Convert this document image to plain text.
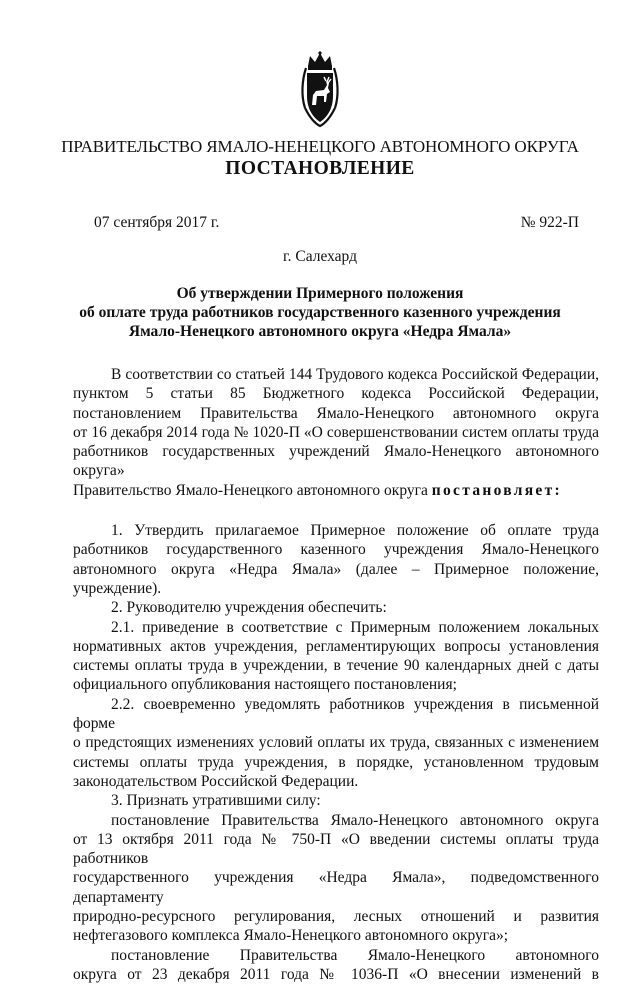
ПРАВИТЕЛЬСТВО ЯМАЛО-НЕНЕЦКОГО АВТОНОМНОГО ОКРУГА
ПОСТАНОВЛЕНИЕ
07 сентября 2017 г.	№ 922-П
г. Салехард
Об утверждении Примерного положения
об оплате труда работников государственного казенного учреждения
Ямало-Ненецкого автономного округа «Недра Ямала»

В соответствии со статьей 144 Трудового кодекса Российской Федерации,

пунктом 5 статьи 85 Бюджетного кодекса Российской Федерации,

постановлением Правительства Ямало-Ненецкого автономного округа

от 16 декабря 2014 года № 1020-П «О совершенствовании систем оплаты труда

работников государственных учреждений Ямало-Ненецкого автономного округа»

Правительство Ямало-Ненецкого автономного округа постановляет:

1. Утвердить прилагаемое Примерное положение об оплате труда

работников государственного казенного учреждения Ямало-Ненецкого

автономного округа «Недра Ямала» (далее – Примерное положение, учреждение).

2. Руководителю учреждения обеспечить:

2.1. приведение в соответствие с Примерным положением локальных

нормативных актов учреждения, регламентирующих вопросы установления

системы оплаты труда в учреждении, в течение 90 календарных дней с даты

официального опубликования настоящего постановления;

2.2. своевременно уведомлять работников учреждения в письменной форме

о предстоящих изменениях условий оплаты их труда, связанных с изменением

системы оплаты труда учреждения, в порядке, установленном трудовым

законодательством Российской Федерации.

3. Признать утратившими силу:

постановление Правительства Ямало-Ненецкого автономного округа

от 13 октября 2011 года № 750-П «О введении системы оплаты труда работников

государственного учреждения «Недра Ямала», подведомственного департаменту

природно-ресурсного регулирования, лесных отношений и развития

нефтегазового комплекса Ямало-Ненецкого автономного округа»;

постановление Правительства Ямало-Ненецкого автономного

округа от 23 декабря 2011 года № 1036-П «О внесении изменений в
